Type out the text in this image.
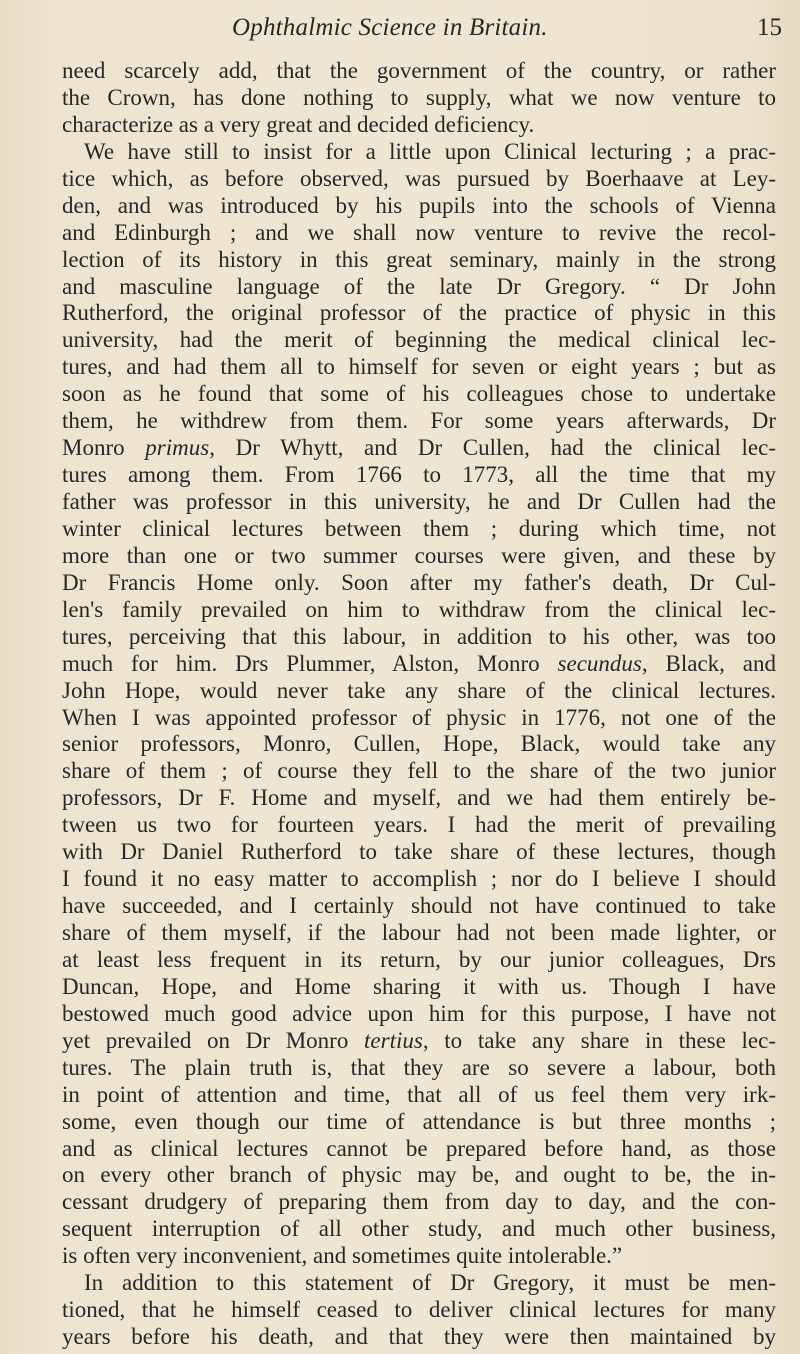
Ophthalmic Science in Britain.	15
need scarcely add, that the government of the country, or rather
the Crown, has done nothing to supply, what we now venture to
characterize as a very great and decided deficiency.
We have still to insist for a little upon Clinical lecturing ; a prac-
tice which, as before observed, was pursued by Boerhaave at Ley-
den, and was introduced by his pupils into the schools of Vienna
and Edinburgh ; and we shall now venture to revive the recol-
lection of its history in this great seminary, mainly in the strong
and masculine language of the late Dr Gregory. “ Dr John
Rutherford, the original professor of the practice of physic in this
university, had the merit of beginning the medical clinical lec-
tures, and had them all to himself for seven or eight years ; but as
soon as he found that some of his colleagues chose to undertake
them, he withdrew from them. For some years afterwards, Dr
Monro primus, Dr Whytt, and Dr Cullen, had the clinical lec-
tures among them. From 1766 to 1773, all the time that my
father was professor in this university, he and Dr Cullen had the
winter clinical lectures between them ; during which time, not
more than one or two summer courses were given, and these by
Dr Francis Home only. Soon after my father's death, Dr Cul-
len's family prevailed on him to withdraw from the clinical lec-
tures, perceiving that this labour, in addition to his other, was too
much for him. Drs Plummer, Alston, Monro secundus, Black, and
John Hope, would never take any share of the clinical lectures.
When I was appointed professor of physic in 1776, not one of the
senior professors, Monro, Cullen, Hope, Black, would take any
share of them ; of course they fell to the share of the two junior
professors, Dr F. Home and myself, and we had them entirely be-
tween us two for fourteen years. I had the merit of prevailing
with Dr Daniel Rutherford to take share of these lectures, though
I found it no easy matter to accomplish ; nor do I believe I should
have succeeded, and I certainly should not have continued to take
share of them myself, if the labour had not been made lighter, or
at least less frequent in its return, by our junior colleagues, Drs
Duncan, Hope, and Home sharing it with us. Though I have
bestowed much good advice upon him for this purpose, I have not
yet prevailed on Dr Monro tertius, to take any share in these lec-
tures. The plain truth is, that they are so severe a labour, both
in point of attention and time, that all of us feel them very irk-
some, even though our time of attendance is but three months ;
and as clinical lectures cannot be prepared before hand, as those
on every other branch of physic may be, and ought to be, the in-
cessant drudgery of preparing them from day to day, and the con-
sequent interruption of all other study, and much other business,
is often very inconvenient, and sometimes quite intolerable.”
In addition to this statement of Dr Gregory, it must be men-
tioned, that he himself ceased to deliver clinical lectures for many
years before his death, and that they were then maintained by
